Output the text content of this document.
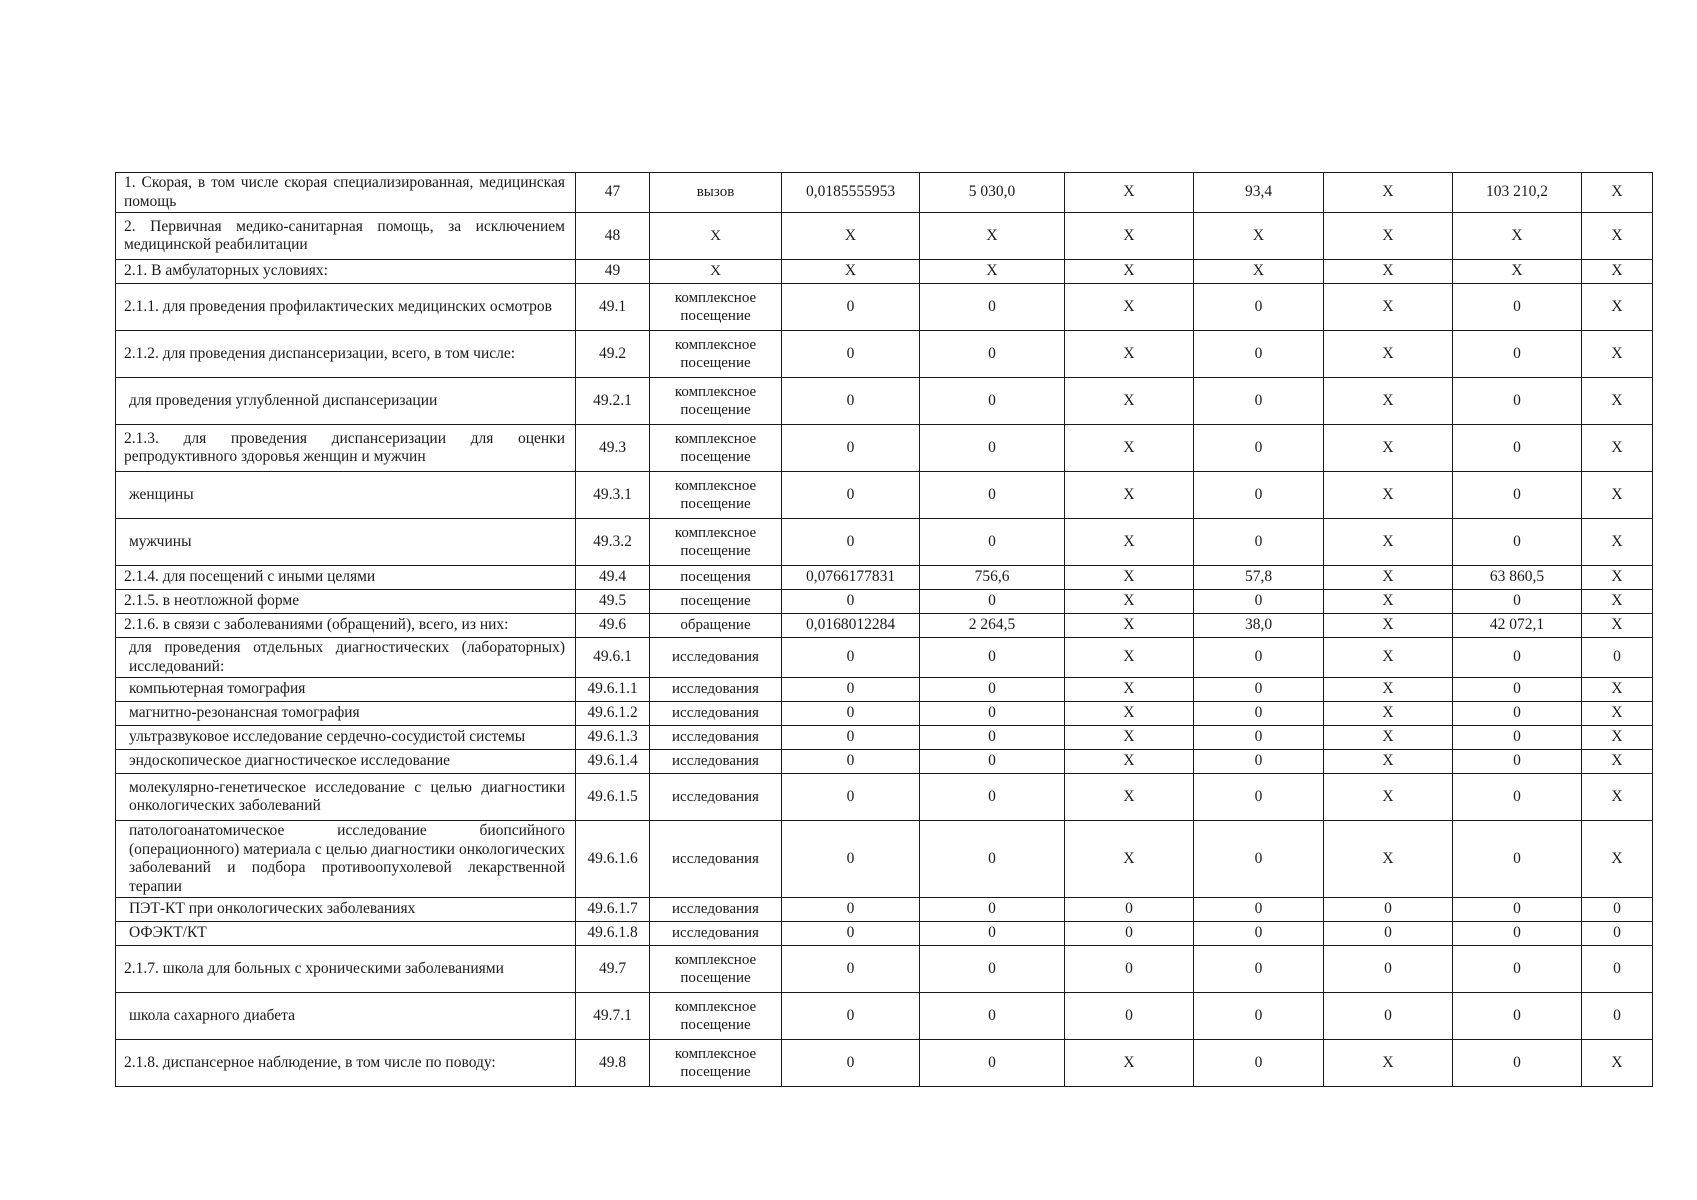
1. Скорая, в том числе скорая специализированная, медицинская помощь	47	вызов	0,0185555953	5 030,0	X	93,4	X	103 210,2	X
2. Первичная медико-санитарная помощь, за исключением медицинской реабилитации	48	X	X	X	X	X	X	X	X
2.1. В амбулаторных условиях:	49	X	X	X	X	X	X	X	X
2.1.1. для проведения профилактических медицинских осмотров	49.1	комплексное посещение	0	0	X	0	X	0	X
2.1.2. для проведения диспансеризации, всего, в том числе:	49.2	комплексное посещение	0	0	X	0	X	0	X
для проведения углубленной диспансеризации	49.2.1	комплексное посещение	0	0	X	0	X	0	X
2.1.3. для проведения диспансеризации для оценки репродуктивного здоровья женщин и мужчин	49.3	комплексное посещение	0	0	X	0	X	0	X
женщины	49.3.1	комплексное посещение	0	0	X	0	X	0	X
мужчины	49.3.2	комплексное посещение	0	0	X	0	X	0	X
2.1.4. для посещений с иными целями	49.4	посещения	0,0766177831	756,6	X	57,8	X	63 860,5	X
2.1.5. в неотложной форме	49.5	посещение	0	0	X	0	X	0	X
2.1.6. в связи с заболеваниями (обращений), всего, из них:	49.6	обращение	0,0168012284	2 264,5	X	38,0	X	42 072,1	X
для проведения отдельных диагностических (лабораторных) исследований:	49.6.1	исследования	0	0	X	0	X	0	0
компьютерная томография	49.6.1.1	исследования	0	0	X	0	X	0	X
магнитно-резонансная томография	49.6.1.2	исследования	0	0	X	0	X	0	X
ультразвуковое исследование сердечно-сосудистой системы	49.6.1.3	исследования	0	0	X	0	X	0	X
эндоскопическое диагностическое исследование	49.6.1.4	исследования	0	0	X	0	X	0	X
молекулярно-генетическое исследование с целью диагностики онкологических заболеваний	49.6.1.5	исследования	0	0	X	0	X	0	X
патологоанатомическое исследование биопсийного (операционного) материала с целью диагностики онкологических заболеваний и подбора противоопухолевой лекарственной терапии	49.6.1.6	исследования	0	0	X	0	X	0	X
ПЭТ-КТ при онкологических заболеваниях	49.6.1.7	исследования	0	0	0	0	0	0	0
ОФЭКТ/КТ	49.6.1.8	исследования	0	0	0	0	0	0	0
2.1.7. школа для больных с хроническими заболеваниями	49.7	комплексное посещение	0	0	0	0	0	0	0
школа сахарного диабета	49.7.1	комплексное посещение	0	0	0	0	0	0	0
2.1.8. диспансерное наблюдение, в том числе по поводу:	49.8	комплексное посещение	0	0	X	0	X	0	X
